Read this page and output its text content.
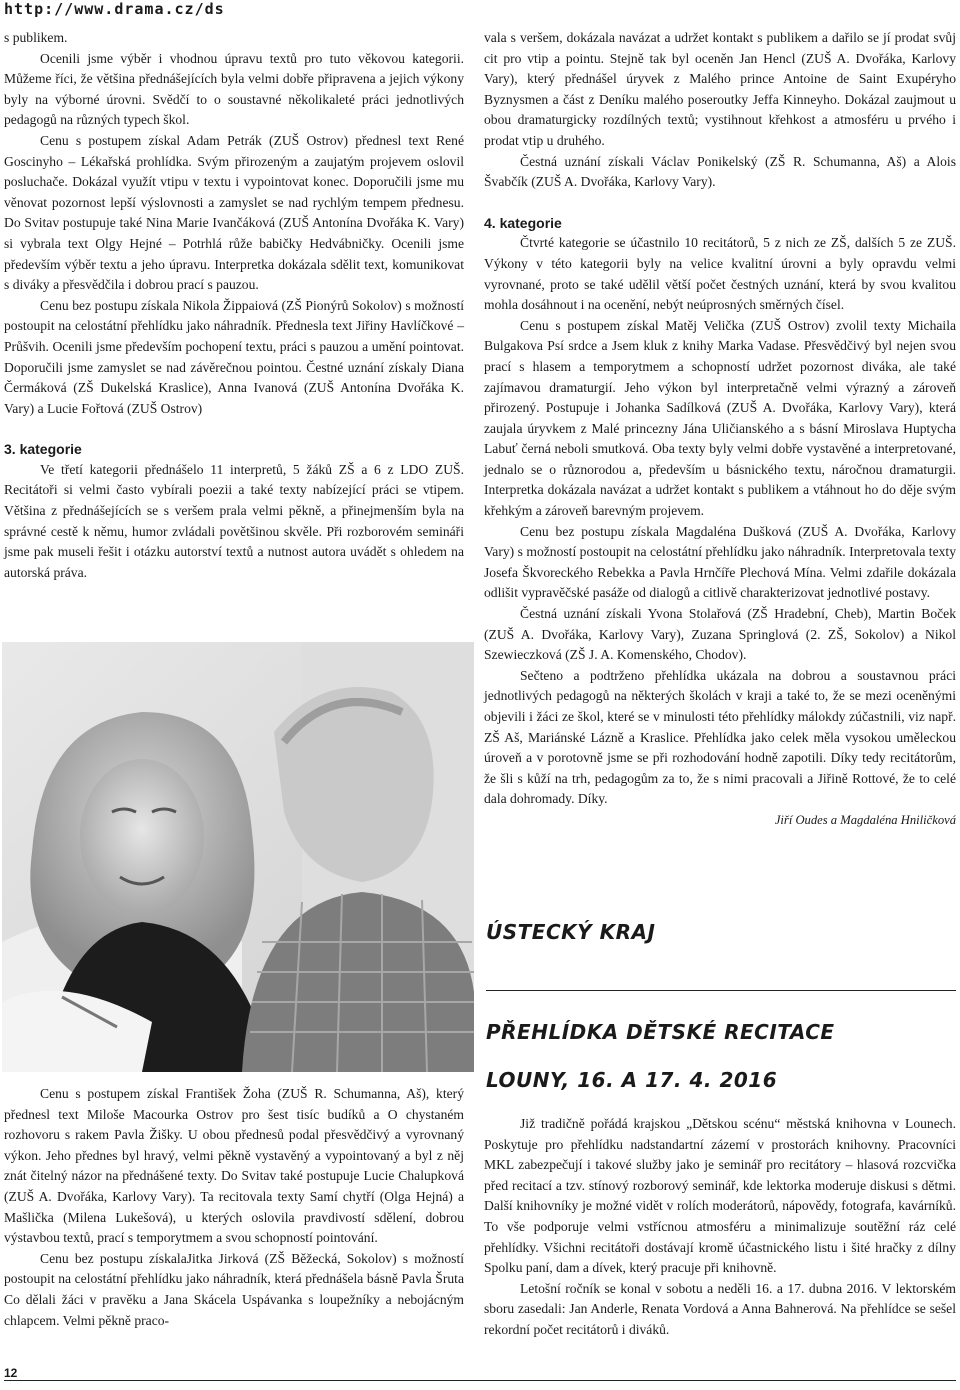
http://www.drama.cz/ds

s publikem.

Ocenili jsme výběr i vhodnou úpravu textů pro tuto věkovou kategorii. Můžeme říci, že většina přednášejících byla velmi dobře připravena a jejich výkony byly na výborné úrovni. Svědčí to o soustavné několikaleté práci jednotlivých pedagogů na různých typech škol.

Cenu s postupem získal Adam Petrák (ZUŠ Ostrov) přednesl text René Goscinyho – Lékařská prohlídka. Svým přirozeným a zaujatým projevem oslovil posluchače. Dokázal využít vtipu v textu i vypointovat konec. Doporučili jsme mu věnovat pozornost lepší výslovnosti a zamyslet se nad rychlým tempem přednesu. Do Svitav postupuje také Nina Marie Ivančáková (ZUŠ Antonína Dvořáka K. Vary) si vybrala text Olgy Hejné – Potrhlá růže babičky Hedvábničky. Ocenili jsme především výběr textu a jeho úpravu. Interpretka dokázala sdělit text, komunikovat s diváky a přesvědčila i dobrou prací s pauzou.

Cenu bez postupu získala Nikola Žippaiová (ZŠ Pionýrů Sokolov) s možností postoupit na celostátní přehlídku jako náhradník. Přednesla text Jiřiny Havlíčkové – Průšvih. Ocenili jsme především pochopení textu, práci s pauzou a umění pointovat. Doporučili jsme zamyslet se nad závěrečnou pointou. Čestné uznání získaly Diana Čermáková (ZŠ Dukelská Kraslice), Anna Ivanová (ZUŠ Antonína Dvořáka K. Vary) a Lucie Fořtová (ZUŠ Ostrov)

3. kategorie

Ve třetí kategorii přednášelo 11 interpretů, 5 žáků ZŠ a 6 z LDO ZUŠ. Recitátoři si velmi často vybírali poezii a také texty nabízející práci se vtipem. Většina z přednášejících se s veršem prala velmi pěkně, a přinejmenším byla na správné cestě k němu, humor zvládali povětšinou skvěle. Při rozborovém semináři jsme pak museli řešit i otázku autorství textů a nutnost autora uvádět s ohledem na autorská práva.

vala s veršem, dokázala navázat a udržet kontakt s publikem a dařilo se jí prodat svůj cit pro vtip a pointu. Stejně tak byl oceněn Jan Hencl (ZUŠ A. Dvořáka, Karlovy Vary), který přednášel úryvek z Malého prince Antoine de Saint Exupéryho Byznysmen a část z Deníku malého poseroutky Jeffa Kinneyho. Dokázal zaujmout u obou dramaturgicky rozdílných textů; vystihnout křehkost a atmosféru u prvého i prodat vtip u druhého.

Čestná uznání získali Václav Ponikelský (ZŠ R. Schumanna, Aš) a Alois Švabčík (ZUŠ A. Dvořáka, Karlovy Vary).

4. kategorie

Čtvrté kategorie se účastnilo 10 recitátorů, 5 z nich ze ZŠ, dalších 5 ze ZUŠ. Výkony v této kategorii byly na velice kvalitní úrovni a byly opravdu velmi vyrovnané, proto se také udělil větší počet čestných uznání, která by svou kvalitou mohla dosáhnout i na ocenění, nebýt neúprosných směrných čísel.

Cenu s postupem získal Matěj Velička (ZUŠ Ostrov) zvolil texty Michaila Bulgakova Psí srdce a Jsem kluk z knihy Marka Vadase. Přesvědčivý byl nejen svou prací s hlasem a temporytmem a schopností udržet pozornost diváka, ale také zajímavou dramaturgií. Jeho výkon byl interpretačně velmi výrazný a zároveň přirozený. Postupuje i Johanka Sadílková (ZUŠ A. Dvořáka, Karlovy Vary), která zaujala úryvkem z Malé princezny Jána Uličianského a s básní Miroslava Huptycha Labuť černá neboli smutková. Oba texty byly velmi dobře vystavěné a interpretované, jednalo se o různorodou a, především u básnického textu, náročnou dramaturgii. Interpretka dokázala navázat a udržet kontakt s publikem a vtáhnout ho do děje svým křehkým a zároveň barevným projevem.

Cenu bez postupu získala Magdaléna Dušková (ZUŠ A. Dvořáka, Karlovy Vary) s možností postoupit na celostátní přehlídku jako náhradník. Interpretovala texty Josefa Škvoreckého Rebekka a Pavla Hrnčíře Plechová Mína. Velmi zdařile dokázala odlišit vypravěčské pasáže od dialogů a citlivě charakterizovat jednotlivé postavy.

Čestná uznání získali Yvona Stolařová (ZŠ Hradební, Cheb), Martin Boček (ZUŠ A. Dvořáka, Karlovy Vary), Zuzana Springlová (2. ZŠ, Sokolov) a Nikol Szewieczková (ZŠ J. A. Komenského, Chodov).

Sečteno a podtrženo přehlídka ukázala na dobrou a soustavnou práci jednotlivých pedagogů na některých školách v kraji a také to, že se mezi oceněnými objevili i žáci ze škol, které se v minulosti této přehlídky málokdy zúčastnili, viz např. ZŠ Aš, Mariánské Lázně a Kraslice. Přehlídka jako celek měla vysokou uměleckou úroveň a v porotovně jsme se při rozhodování hodně zapotili. Díky tedy recitátorům, že šli s kůží na trh, pedagogům za to, že s nimi pracovali a Jiřině Rottové, že to celé dala dohromady. Díky.

Jiří Oudes a Magdaléna Hniličková

ÚSTECKÝ KRAJ
PŘEHLÍDKA DĚTSKÉ RECITACE
LOUNY, 16. A 17. 4. 2016

Cenu s postupem získal František Žoha (ZUŠ R. Schumanna, Aš), který přednesl text Miloše Macourka Ostrov pro šest tisíc budíků a O chystaném rozhovoru s rakem Pavla Žišky. U obou přednesů podal přesvědčivý a vyrovnaný výkon. Jeho přednes byl hravý, velmi pěkně vystavěný a vypointovaný a byl z něj znát čitelný názor na přednášené texty. Do Svitav také postupuje Lucie Chalupková (ZUŠ A. Dvořáka, Karlovy Vary). Ta recitovala texty Samí chytří (Olga Hejná) a Mašlička (Milena Lukešová), u kterých oslovila pravdivostí sdělení, dobrou výstavbou textů, prací s temporytmem a svou schopností pointování.

Cenu bez postupu získalaJitka Jirková (ZŠ Běžecká, Sokolov) s možností postoupit na celostátní přehlídku jako náhradník, která přednášela básně Pavla Šruta Co dělali žáci v pravěku a Jana Skácela Uspávanka s loupežníky a nebojácným chlapcem. Velmi pěkně praco-

Již tradičně pořádá krajskou „Dětskou scénu“ městská knihovna v Lounech. Poskytuje pro přehlídku nadstandartní zázemí v prostorách knihovny. Pracovníci MKL zabezpečují i takové služby jako je seminář pro recitátory – hlasová rozcvička před recitací a tzv. stínový rozborový seminář, kde lektorka moderuje diskusi s dětmi. Další knihovníky je možné vidět v rolích moderátorů, nápovědy, fotografa, kavárníků. To vše podporuje velmi vstřícnou atmosféru a minimalizuje soutěžní ráz celé přehlídky. Všichni recitátoři dostávají kromě účastnického listu i šité hračky z dílny Spolku paní, dam a dívek, který pracuje při knihovně.

Letošní ročník se konal v sobotu a neděli 16. a 17. dubna 2016. V lektorském sboru zasedali: Jan Anderle, Renata Vordová a Anna Bahnerová. Na přehlídce se sešel rekordní počet recitátorů i diváků.

12
